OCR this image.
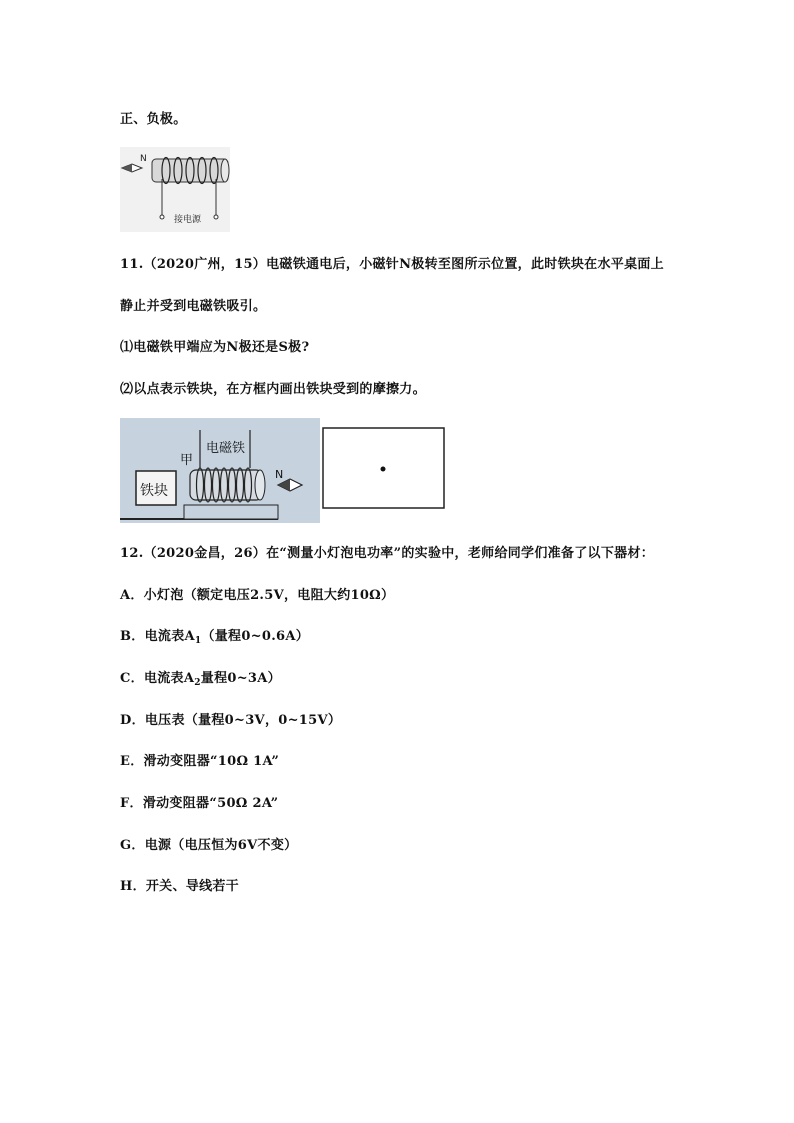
正、负极。
N
接电源
11.（2020广州，15）电磁铁通电后，小磁针N极转至图所示位置，此时铁块在水平桌面上
静止并受到电磁铁吸引。
⑴电磁铁甲端应为N极还是S极?
⑵以点表示铁块，在方框内画出铁块受到的摩擦力。
铁块
甲
电磁铁
N
12.（2020金昌，26）在“测量小灯泡电功率”的实验中，老师给同学们准备了以下器材：
A．小灯泡（额定电压2.5V，电阻大约10Ω）
B．电流表$A_1$（量程0~0.6A）
C．电流表$A_2$量程0~3A）
D．电压表（量程0~3V，0~15V）
E．滑动变阻器“10Ω 1A”
F．滑动变阻器“50Ω 2A”
G．电源（电压恒为6V不变）
H．开关、导线若干
